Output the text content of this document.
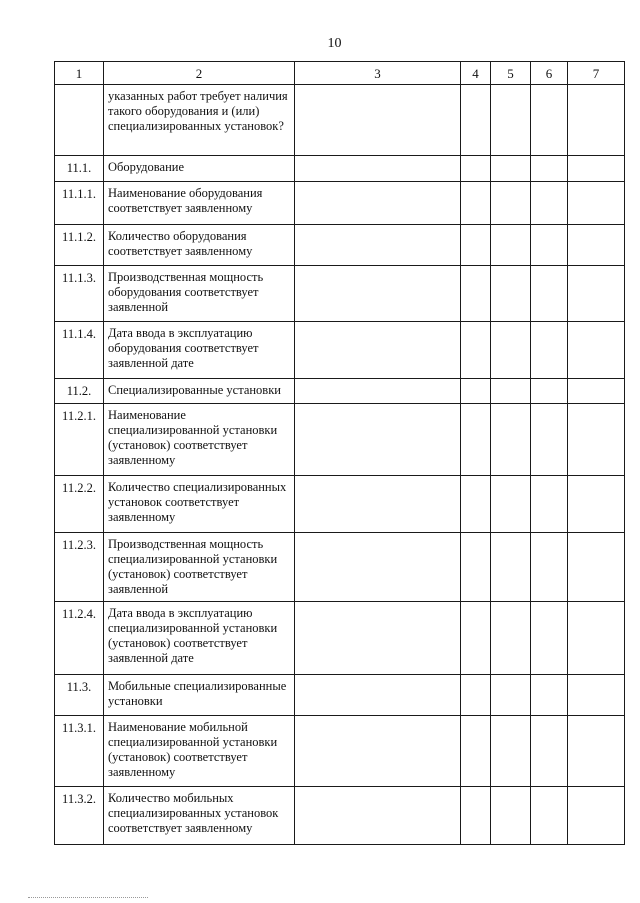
10
1	2	3	4	5	6	7
	указанных работ требует наличия такого оборудования и (или) специализированных установок?					
11.1.	Оборудование					
11.1.1.	Наименование оборудования соответствует заявленному					
11.1.2.	Количество оборудования соответствует заявленному					
11.1.3.	Производственная мощность оборудования соответствует заявленной					
11.1.4.	Дата ввода в эксплуатацию оборудования соответствует заявленной дате					
11.2.	Специализированные установки					
11.2.1.	Наименование специализированной установки (установок) соответствует заявленному					
11.2.2.	Количество специализированных установок соответствует заявленному					
11.2.3.	Производственная мощность специализированной установки (установок) соответствует заявленной					
11.2.4.	Дата ввода в эксплуатацию специализированной установки (установок) соответствует заявленной дате					
11.3.	Мобильные специализированные установки					
11.3.1.	Наименование мобильной специализированной установки (установок) соответствует заявленному					
11.3.2.	Количество мобильных специализированных установок соответствует заявленному					
